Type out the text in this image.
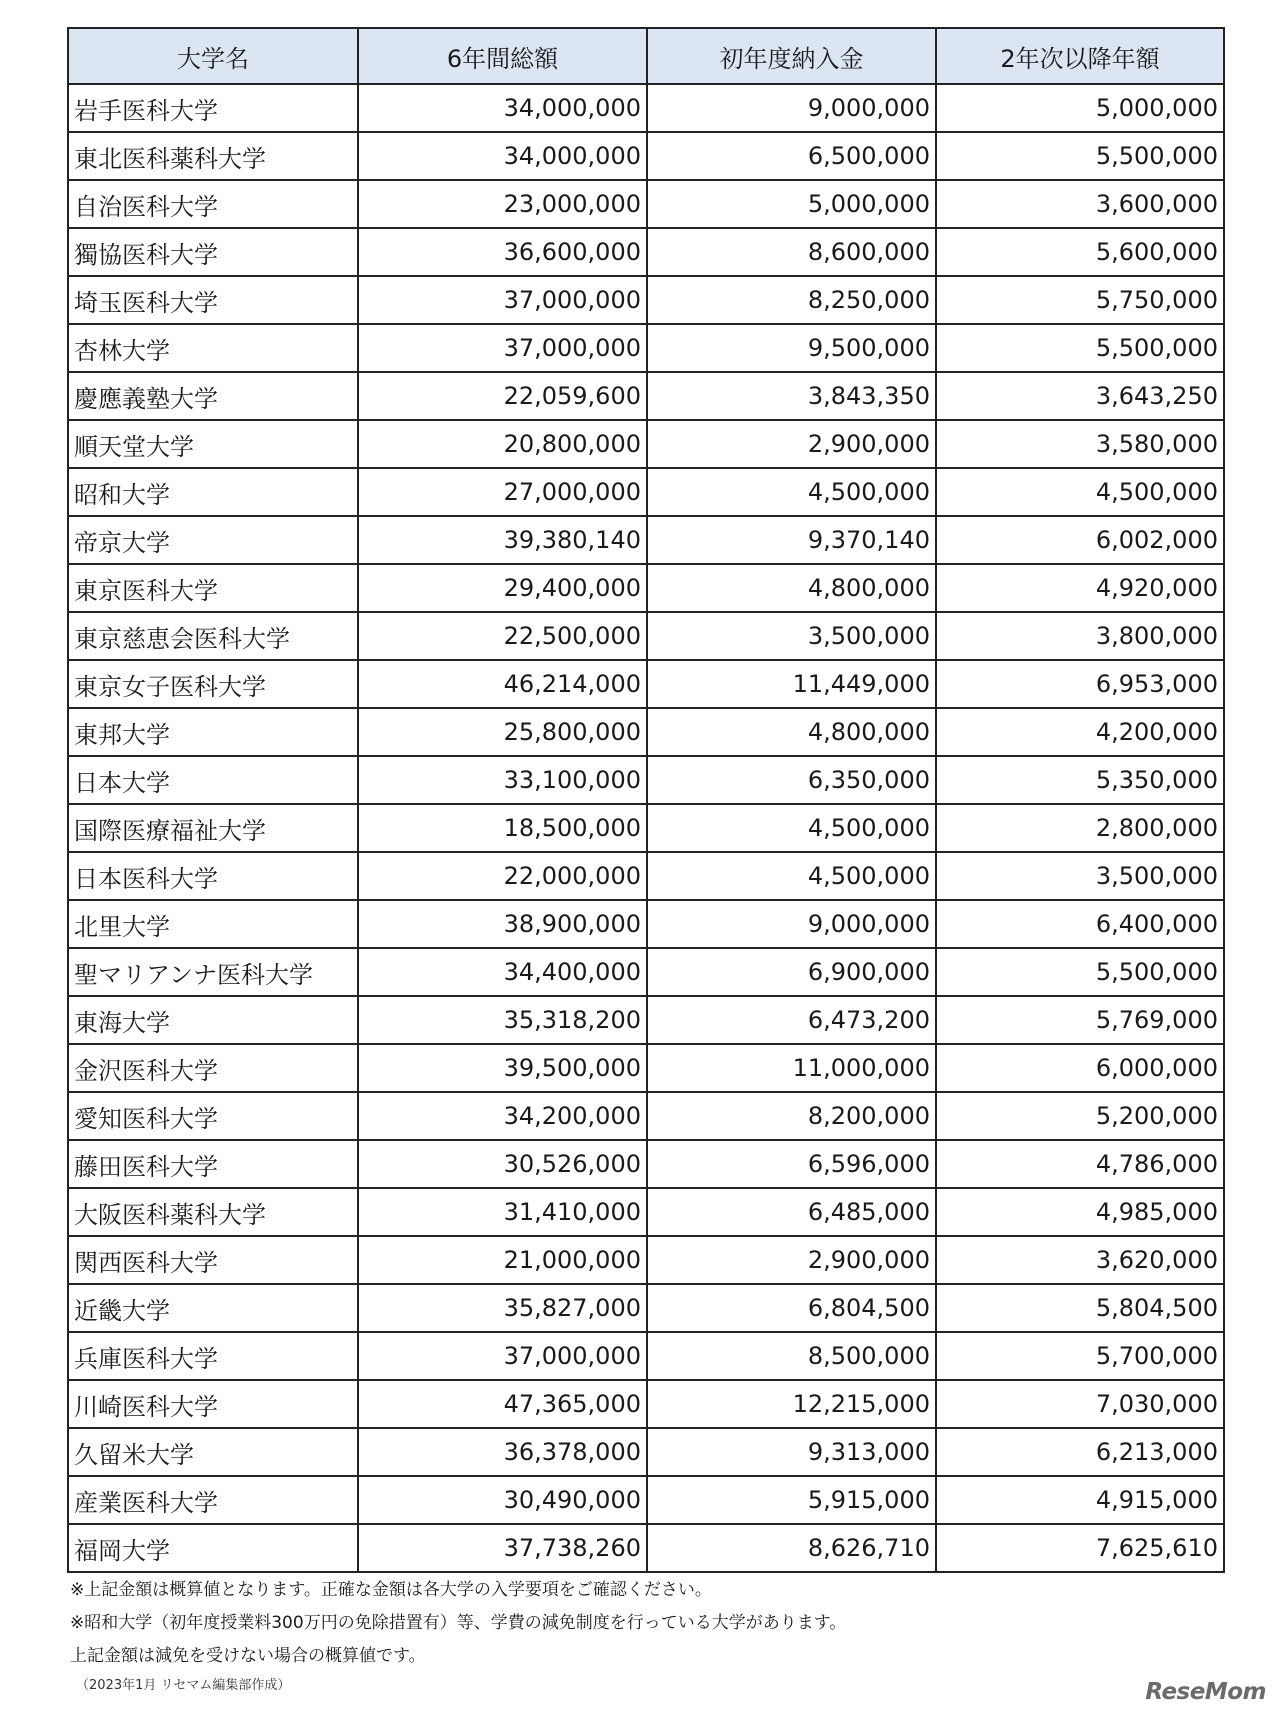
大学名	6年間総額	初年度納入金	2年次以降年額
岩手医科大学	34,000,000	9,000,000	5,000,000
東北医科薬科大学	34,000,000	6,500,000	5,500,000
自治医科大学	23,000,000	5,000,000	3,600,000
獨協医科大学	36,600,000	8,600,000	5,600,000
埼玉医科大学	37,000,000	8,250,000	5,750,000
杏林大学	37,000,000	9,500,000	5,500,000
慶應義塾大学	22,059,600	3,843,350	3,643,250
順天堂大学	20,800,000	2,900,000	3,580,000
昭和大学	27,000,000	4,500,000	4,500,000
帝京大学	39,380,140	9,370,140	6,002,000
東京医科大学	29,400,000	4,800,000	4,920,000
東京慈恵会医科大学	22,500,000	3,500,000	3,800,000
東京女子医科大学	46,214,000	11,449,000	6,953,000
東邦大学	25,800,000	4,800,000	4,200,000
日本大学	33,100,000	6,350,000	5,350,000
国際医療福祉大学	18,500,000	4,500,000	2,800,000
日本医科大学	22,000,000	4,500,000	3,500,000
北里大学	38,900,000	9,000,000	6,400,000
聖マリアンナ医科大学	34,400,000	6,900,000	5,500,000
東海大学	35,318,200	6,473,200	5,769,000
金沢医科大学	39,500,000	11,000,000	6,000,000
愛知医科大学	34,200,000	8,200,000	5,200,000
藤田医科大学	30,526,000	6,596,000	4,786,000
大阪医科薬科大学	31,410,000	6,485,000	4,985,000
関西医科大学	21,000,000	2,900,000	3,620,000
近畿大学	35,827,000	6,804,500	5,804,500
兵庫医科大学	37,000,000	8,500,000	5,700,000
川崎医科大学	47,365,000	12,215,000	7,030,000
久留米大学	36,378,000	9,313,000	6,213,000
産業医科大学	30,490,000	5,915,000	4,915,000
福岡大学	37,738,260	8,626,710	7,625,610
※上記金額は概算値となります。正確な金額は各大学の入学要項をご確認ください。
※昭和大学（初年度授業料300万円の免除措置有）等、学費の減免制度を行っている大学があります。
上記金額は減免を受けない場合の概算値です。
（2023年1月 リセマム編集部作成）	ReseMom
